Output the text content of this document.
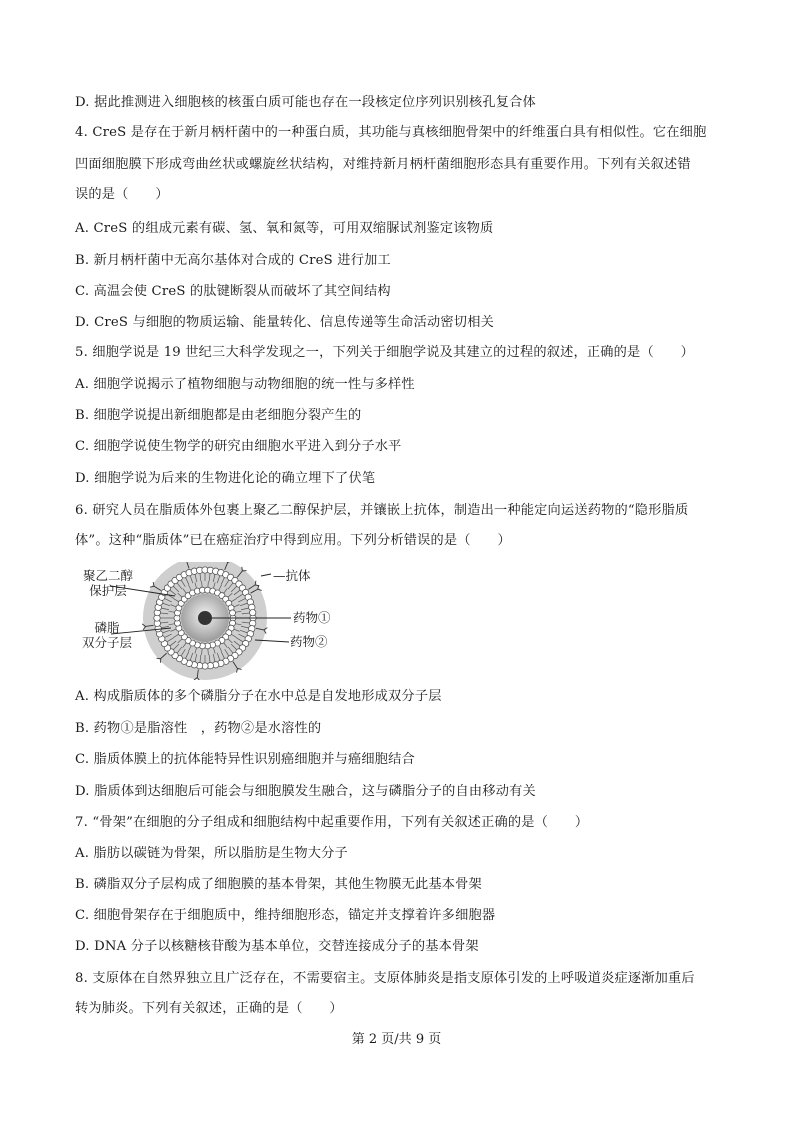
D. 据此推测进入细胞核的核蛋白质可能也存在一段核定位序列识别核孔复合体
4. CreS 是存在于新月柄杆菌中的一种蛋白质，其功能与真核细胞骨架中的纤维蛋白具有相似性。它在细胞
凹面细胞膜下形成弯曲丝状或螺旋丝状结构，对维持新月柄杆菌细胞形态具有重要作用。下列有关叙述错
误的是（　　）
A. CreS 的组成元素有碳、氢、氧和氮等，可用双缩脲试剂鉴定该物质
B. 新月柄杆菌中无高尔基体对合成的 CreS 进行加工
C. 高温会使 CreS 的肽键断裂从而破坏了其空间结构
D. CreS 与细胞的物质运输、能量转化、信息传递等生命活动密切相关
5. 细胞学说是 19 世纪三大科学发现之一，下列关于细胞学说及其建立的过程的叙述，正确的是（　　）
A. 细胞学说揭示了植物细胞与动物细胞的统一性与多样性
B. 细胞学说提出新细胞都是由老细胞分裂产生的
C. 细胞学说使生物学的研究由细胞水平进入到分子水平
D. 细胞学说为后来的生物进化论的确立埋下了伏笔
6. 研究人员在脂质体外包裹上聚乙二醇保护层，并镶嵌上抗体，制造出一种能定向运送药物的“隐形脂质
体”。这种“脂质体”已在癌症治疗中得到应用。下列分析错误的是（　　）
A. 构成脂质体的多个磷脂分子在水中总是自发地形成双分子层
B. 药物①是脂溶性　，药物②是水溶性的
C. 脂质体膜上的抗体能特异性识别癌细胞并与癌细胞结合
D. 脂质体到达细胞后可能会与细胞膜发生融合，这与磷脂分子的自由移动有关
7. “骨架”在细胞的分子组成和细胞结构中起重要作用，下列有关叙述正确的是（　　）
A. 脂肪以碳链为骨架，所以脂肪是生物大分子
B. 磷脂双分子层构成了细胞膜的基本骨架，其他生物膜无此基本骨架
C. 细胞骨架存在于细胞质中，维持细胞形态，锚定并支撑着许多细胞器
D. DNA 分子以核糖核苷酸为基本单位，交替连接成分子的基本骨架
8. 支原体在自然界独立且广泛存在，不需要宿主。支原体肺炎是指支原体引发的上呼吸道炎症逐渐加重后
转为肺炎。下列有关叙述，正确的是（　　）
聚乙二醇
保护层
磷脂
双分子层
—抗体
药物①
药物②
第 2 页/共 9 页
